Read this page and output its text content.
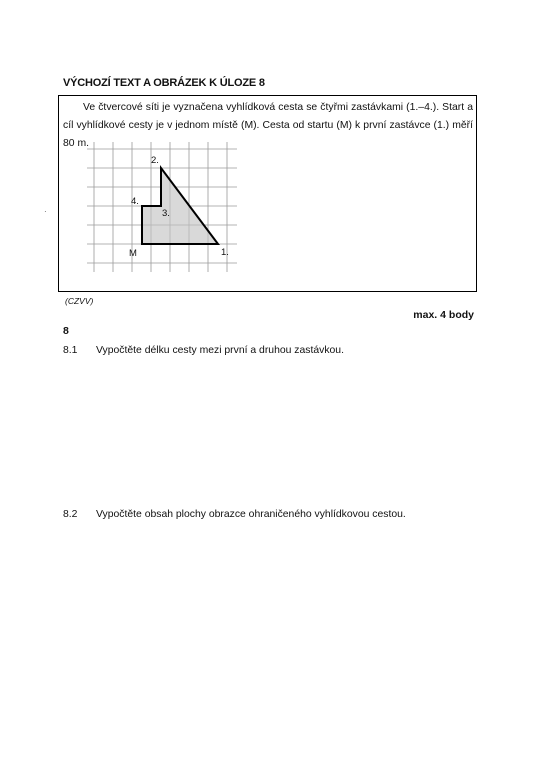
VÝCHOZÍ TEXT A OBRÁZEK K ÚLOZE 8

Ve čtvercové síti je vyznačena vyhlídková cesta se čtyřmi zastávkami (1.–4.). Start a cíl vyhlídkové cesty je v jednom místě (M). Cesta od startu (M) k první zastávce (1.) měří 80 m.

1.
2.
3.
4.
M
·
(CZVV)
max. 4 body
8
8.1 Vypočtěte délku cesty mezi první a druhou zastávkou.
8.2 Vypočtěte obsah plochy obrazce ohraničeného vyhlídkovou cestou.
